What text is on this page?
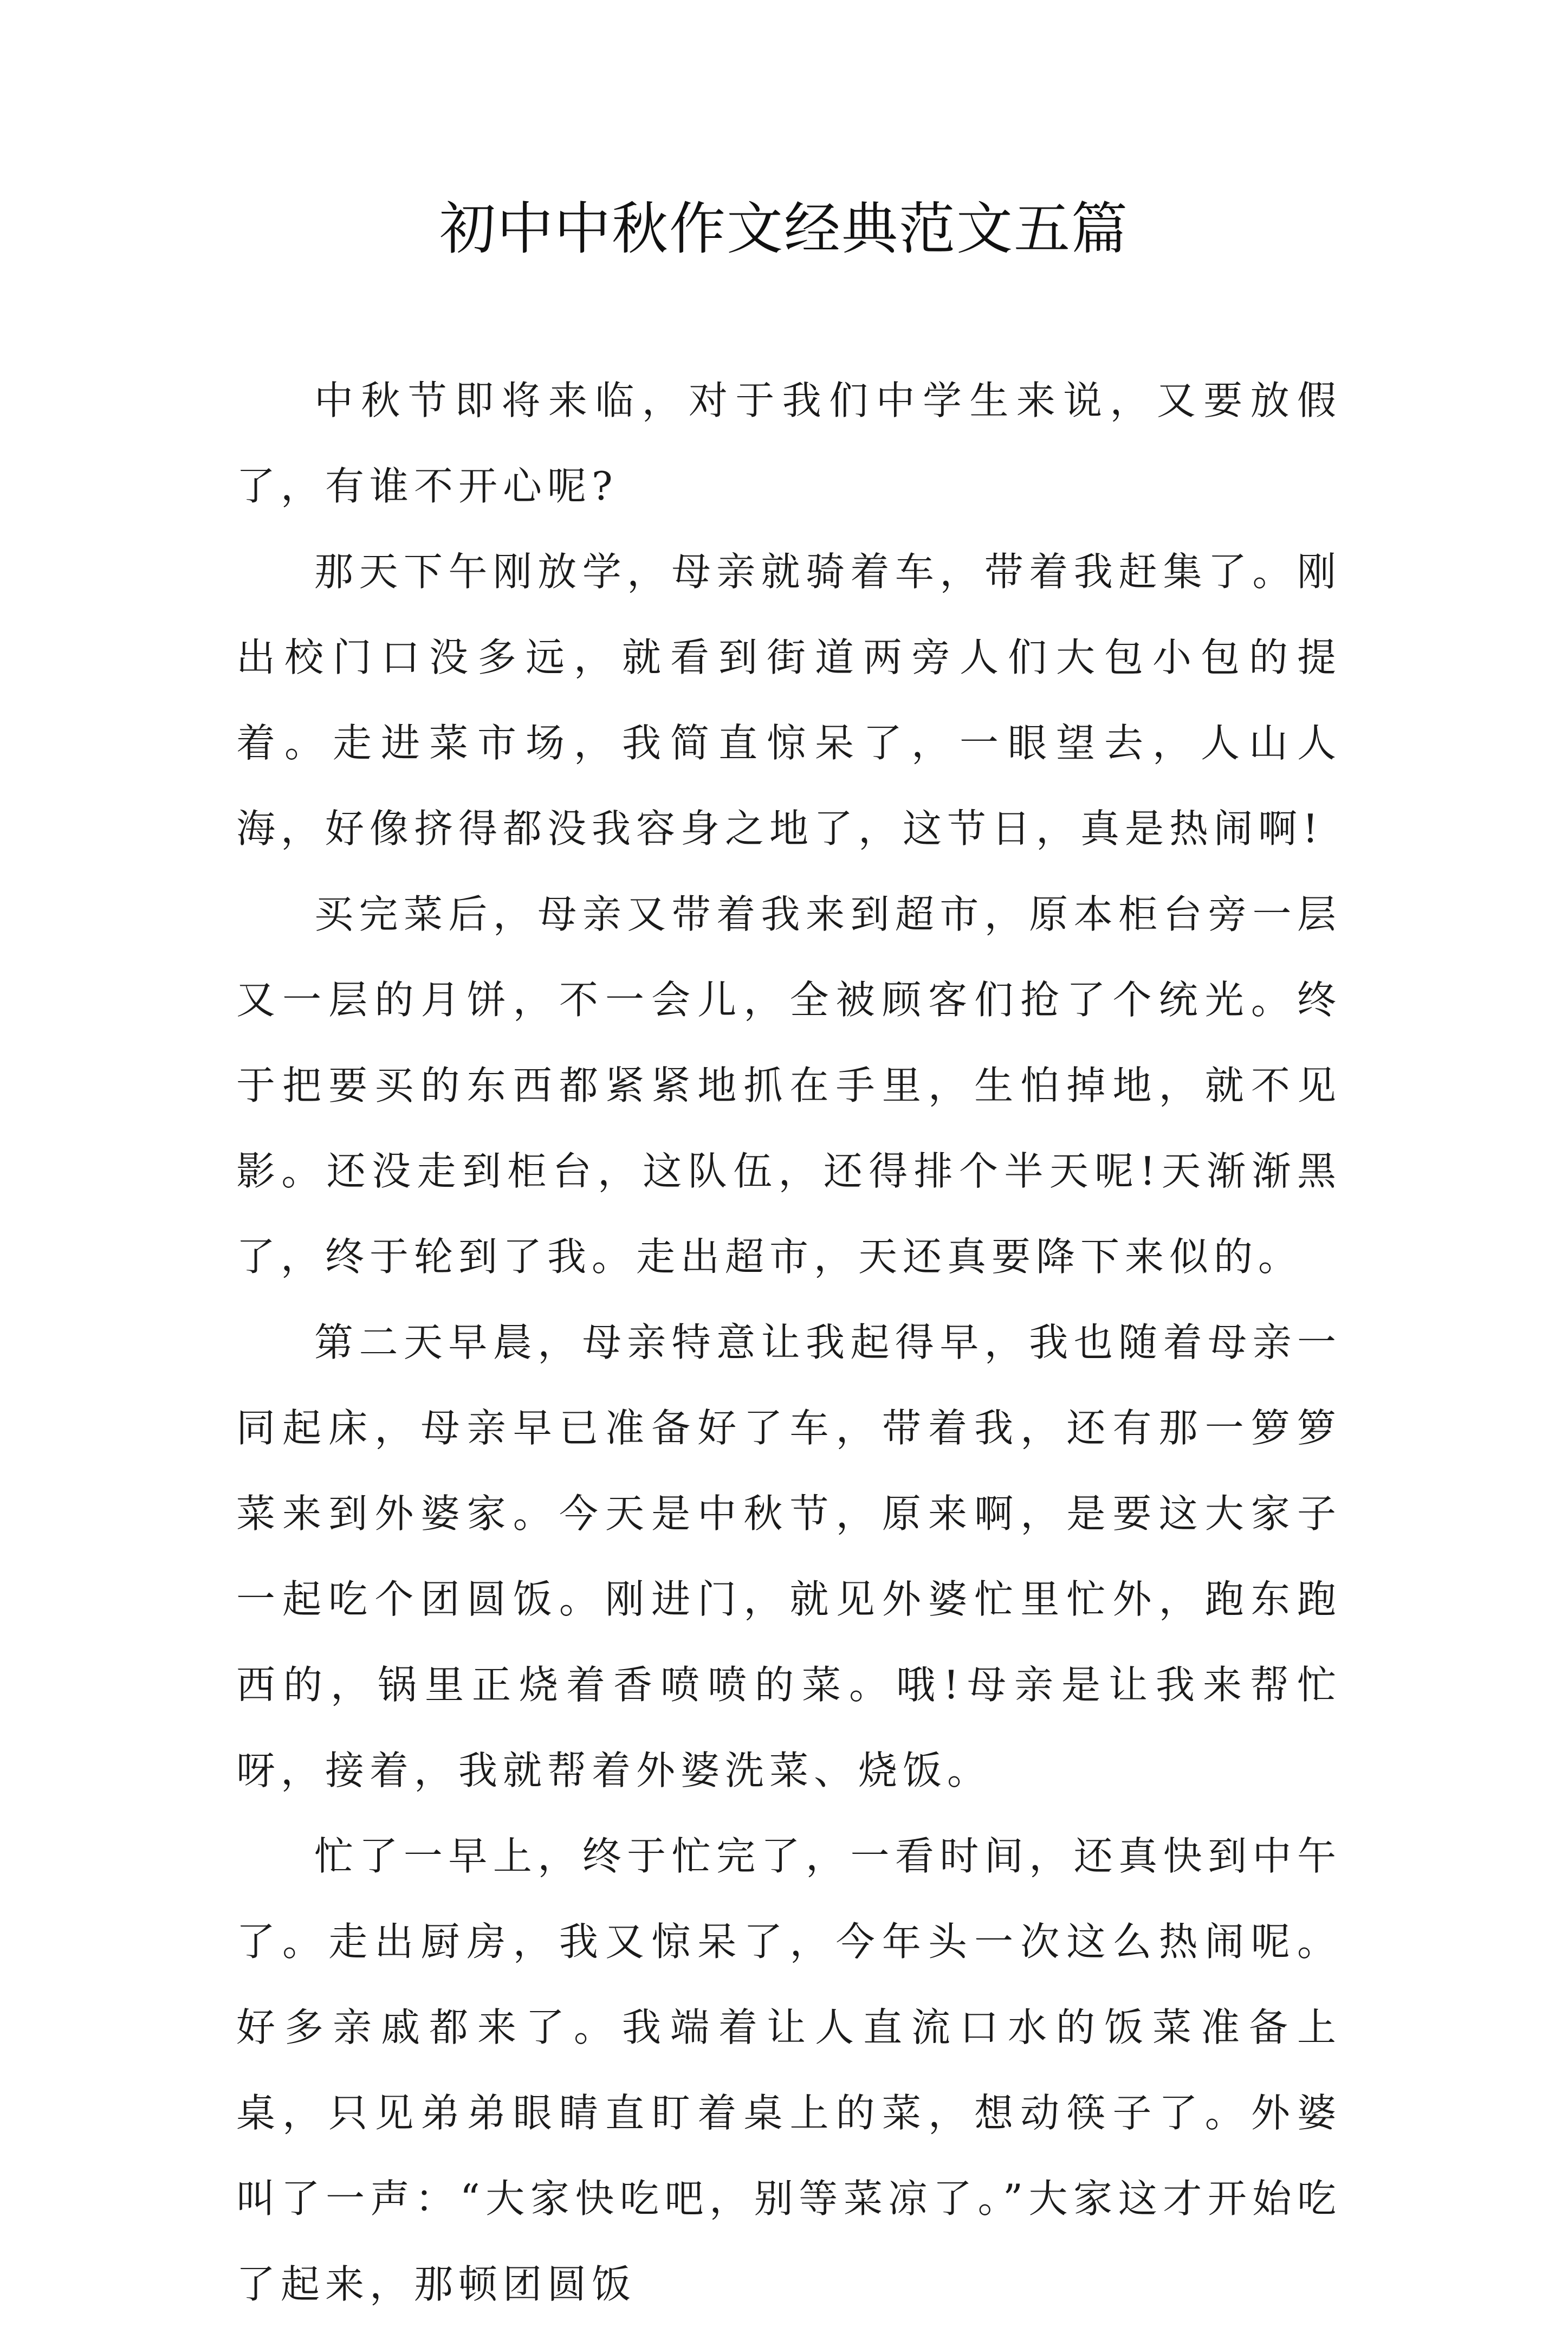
初中中秋作文经典范文五篇

中秋节即将来临，对于我们中学生来说，又要放假了，有谁不开心呢?

那天下午刚放学，母亲就骑着车，带着我赶集了。刚出校门口没多远，就看到街道两旁人们大包小包的提着。走进菜市场，我简直惊呆了，一眼望去，人山人海，好像挤得都没我容身之地了，这节日，真是热闹啊!

买完菜后，母亲又带着我来到超市，原本柜台旁一层又一层的月饼，不一会儿，全被顾客们抢了个统光。终于把要买的东西都紧紧地抓在手里，生怕掉地，就不见影。还没走到柜台，这队伍，还得排个半天呢!天渐渐黑了，终于轮到了我。走出超市，天还真要降下来似的。

第二天早晨，母亲特意让我起得早，我也随着母亲一同起床，母亲早已准备好了车，带着我，还有那一箩箩菜来到外婆家。今天是中秋节，原来啊，是要这大家子一起吃个团圆饭。刚进门，就见外婆忙里忙外，跑东跑西的，锅里正烧着香喷喷的菜。哦!母亲是让我来帮忙呀，接着，我就帮着外婆洗菜、烧饭。

忙了一早上，终于忙完了，一看时间，还真快到中午了。走出厨房，我又惊呆了，今年头一次这么热闹呢。好多亲戚都来了。我端着让人直流口水的饭菜准备上桌，只见弟弟眼睛直盯着桌上的菜，想动筷子了。外婆叫了一声：“大家快吃吧，别等菜凉了。”大家这才开始吃了起来，那顿团圆饭
